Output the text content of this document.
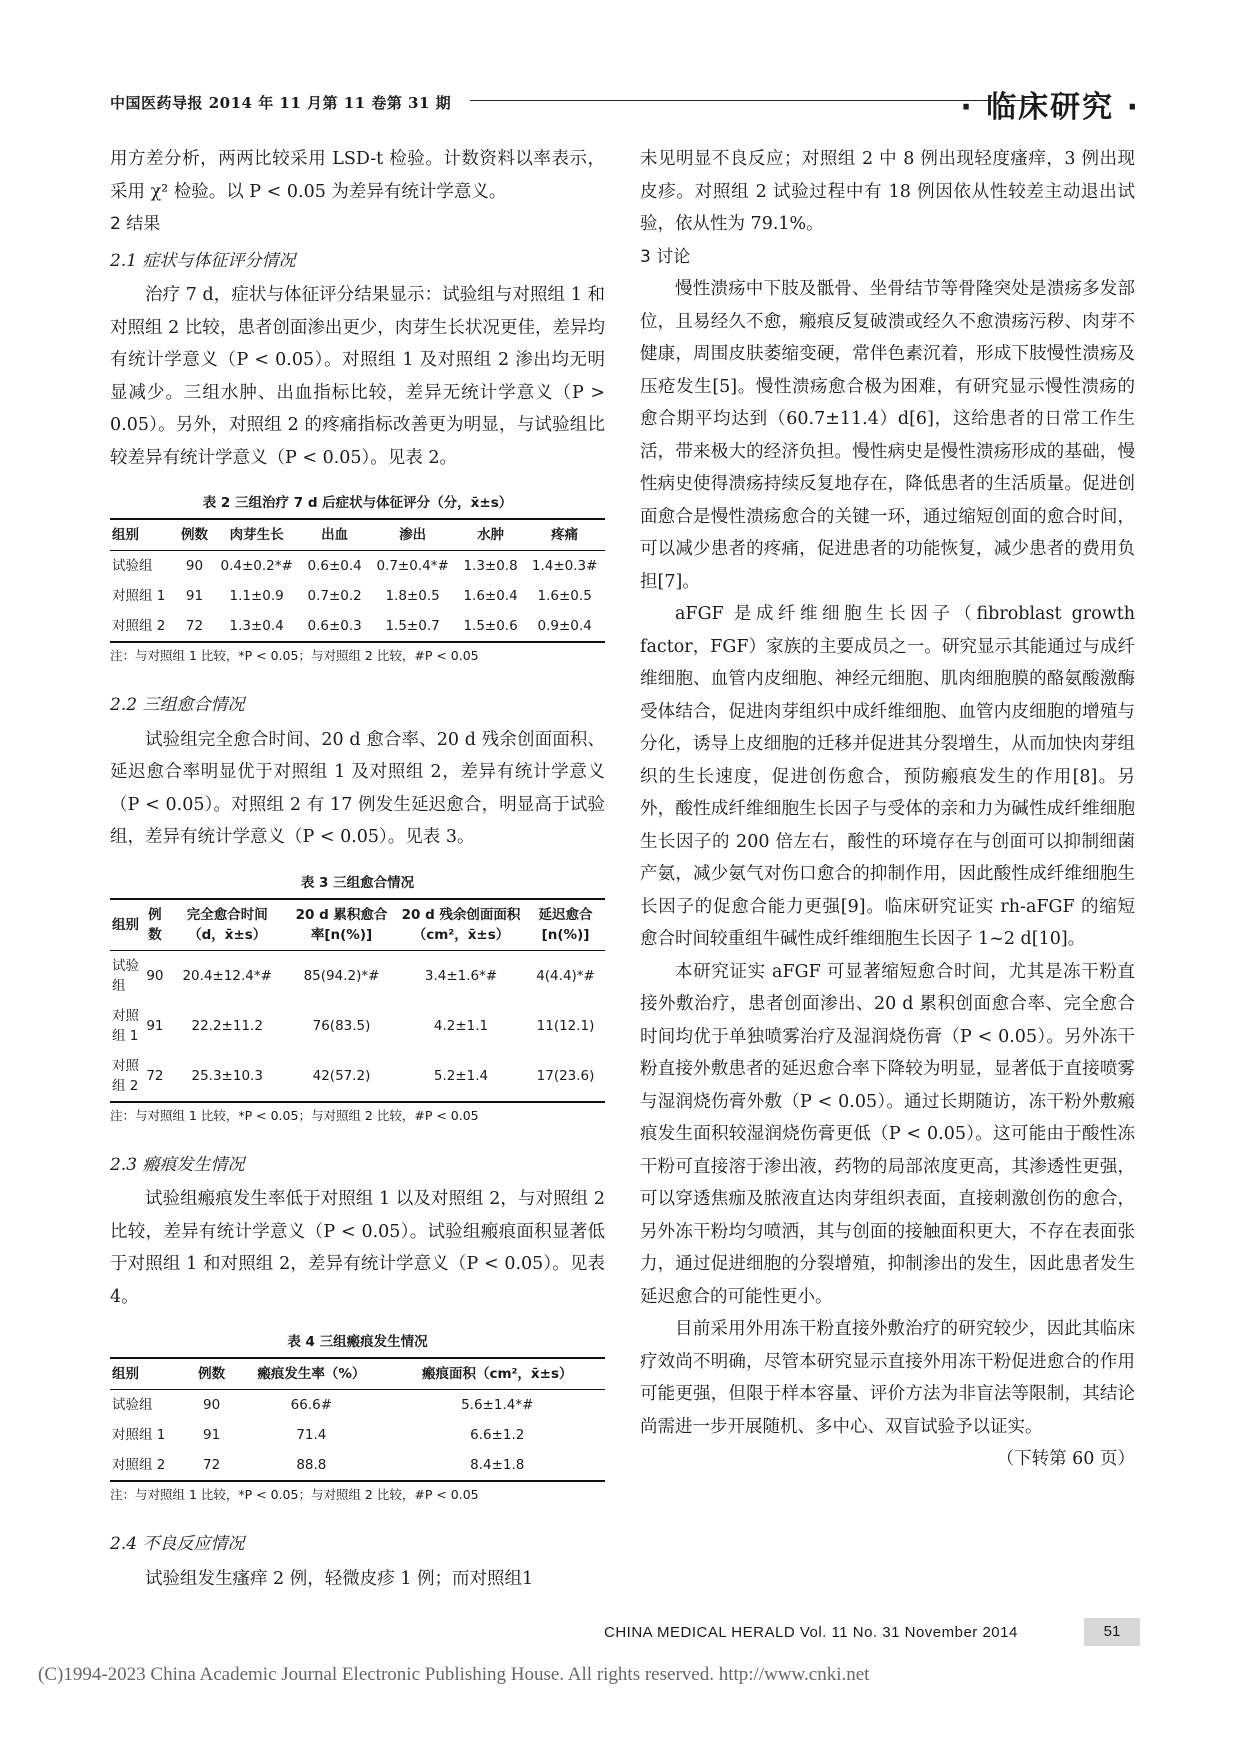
中国医药导报 2014 年 11 月第 11 卷第 31 期	· 临床研究 ·

用方差分析，两两比较采用 LSD-t 检验。计数资料以率表示，采用 χ² 检验。以 P < 0.05 为差异有统计学意义。

2 结果
2.1 症状与体征评分情况

治疗 7 d，症状与体征评分结果显示：试验组与对照组 1 和对照组 2 比较，患者创面渗出更少，肉芽生长状况更佳，差异均有统计学意义（P < 0.05）。对照组 1 及对照组 2 渗出均无明显减少。三组水肿、出血指标比较，差异无统计学意义（P > 0.05）。另外，对照组 2 的疼痛指标改善更为明显，与试验组比较差异有统计学意义（P < 0.05）。见表 2。

表 2 三组治疗 7 d 后症状与体征评分（分，x̄±s）
组别	例数	肉芽生长	出血	渗出	水肿	疼痛
试验组	90	0.4±0.2*#	0.6±0.4	0.7±0.4*#	1.3±0.8	1.4±0.3#
对照组 1	91	1.1±0.9	0.7±0.2	1.8±0.5	1.6±0.4	1.6±0.5
对照组 2	72	1.3±0.4	0.6±0.3	1.5±0.7	1.5±0.6	0.9±0.4
注：与对照组 1 比较，*P < 0.05；与对照组 2 比较，#P < 0.05
2.2 三组愈合情况

试验组完全愈合时间、20 d 愈合率、20 d 残余创面面积、延迟愈合率明显优于对照组 1 及对照组 2，差异有统计学意义（P < 0.05）。对照组 2 有 17 例发生延迟愈合，明显高于试验组，差异有统计学意义（P < 0.05）。见表 3。

表 3 三组愈合情况
组别	例数	完全愈合时间（d，x̄±s）	20 d 累积愈合率[n(%)]	20 d 残余创面面积（cm²，x̄±s）	延迟愈合[n(%)]
试验组	90	20.4±12.4*#	85(94.2)*#	3.4±1.6*#	4(4.4)*#
对照组 1	91	22.2±11.2	76(83.5)	4.2±1.1	11(12.1)
对照组 2	72	25.3±10.3	42(57.2)	5.2±1.4	17(23.6)
注：与对照组 1 比较，*P < 0.05；与对照组 2 比较，#P < 0.05
2.3 瘢痕发生情况

试验组瘢痕发生率低于对照组 1 以及对照组 2，与对照组 2 比较，差异有统计学意义（P < 0.05）。试验组瘢痕面积显著低于对照组 1 和对照组 2，差异有统计学意义（P < 0.05）。见表 4。

表 4 三组瘢痕发生情况
组别	例数	瘢痕发生率（%）	瘢痕面积（cm²，x̄±s）
试验组	90	66.6#	5.6±1.4*#
对照组 1	91	71.4	6.6±1.2
对照组 2	72	88.8	8.4±1.8
注：与对照组 1 比较，*P < 0.05；与对照组 2 比较，#P < 0.05
2.4 不良反应情况

试验组发生瘙痒 2 例，轻微皮疹 1 例；而对照组1

未见明显不良反应；对照组 2 中 8 例出现轻度瘙痒，3 例出现皮疹。对照组 2 试验过程中有 18 例因依从性较差主动退出试验，依从性为 79.1%。

3 讨论

慢性溃疡中下肢及骶骨、坐骨结节等骨隆突处是溃疡多发部位，且易经久不愈，瘢痕反复破溃或经久不愈溃疡污秽、肉芽不健康，周围皮肤萎缩变硬，常伴色素沉着，形成下肢慢性溃疡及压疮发生[5]。慢性溃疡愈合极为困难，有研究显示慢性溃疡的愈合期平均达到（60.7±11.4）d[6]，这给患者的日常工作生活，带来极大的经济负担。慢性病史是慢性溃疡形成的基础，慢性病史使得溃疡持续反复地存在，降低患者的生活质量。促进创面愈合是慢性溃疡愈合的关键一环，通过缩短创面的愈合时间，可以减少患者的疼痛，促进患者的功能恢复，减少患者的费用负担[7]。

aFGF 是成纤维细胞生长因子（fibroblast growth factor，FGF）家族的主要成员之一。研究显示其能通过与成纤维细胞、血管内皮细胞、神经元细胞、肌肉细胞膜的酪氨酸激酶受体结合，促进肉芽组织中成纤维细胞、血管内皮细胞的增殖与分化，诱导上皮细胞的迁移并促进其分裂增生，从而加快肉芽组织的生长速度，促进创伤愈合，预防瘢痕发生的作用[8]。另外，酸性成纤维细胞生长因子与受体的亲和力为碱性成纤维细胞生长因子的 200 倍左右，酸性的环境存在与创面可以抑制细菌产氨，减少氨气对伤口愈合的抑制作用，因此酸性成纤维细胞生长因子的促愈合能力更强[9]。临床研究证实 rh-aFGF 的缩短愈合时间较重组牛碱性成纤维细胞生长因子 1~2 d[10]。

本研究证实 aFGF 可显著缩短愈合时间，尤其是冻干粉直接外敷治疗，患者创面渗出、20 d 累积创面愈合率、完全愈合时间均优于单独喷雾治疗及湿润烧伤膏（P < 0.05）。另外冻干粉直接外敷患者的延迟愈合率下降较为明显，显著低于直接喷雾与湿润烧伤膏外敷（P < 0.05）。通过长期随访，冻干粉外敷瘢痕发生面积较湿润烧伤膏更低（P < 0.05）。这可能由于酸性冻干粉可直接溶于渗出液，药物的局部浓度更高，其渗透性更强，可以穿透焦痂及脓液直达肉芽组织表面，直接刺激创伤的愈合，另外冻干粉均匀喷洒，其与创面的接触面积更大，不存在表面张力，通过促进细胞的分裂增殖，抑制渗出的发生，因此患者发生延迟愈合的可能性更小。

目前采用外用冻干粉直接外敷治疗的研究较少，因此其临床疗效尚不明确，尽管本研究显示直接外用冻干粉促进愈合的作用可能更强，但限于样本容量、评价方法为非盲法等限制，其结论尚需进一步开展随机、多中心、双盲试验予以证实。

（下转第 60 页）

CHINA MEDICAL HERALD Vol. 11 No. 31 November 2014	51
(C)1994-2023 China Academic Journal Electronic Publishing House. All rights reserved. http://www.cnki.net
